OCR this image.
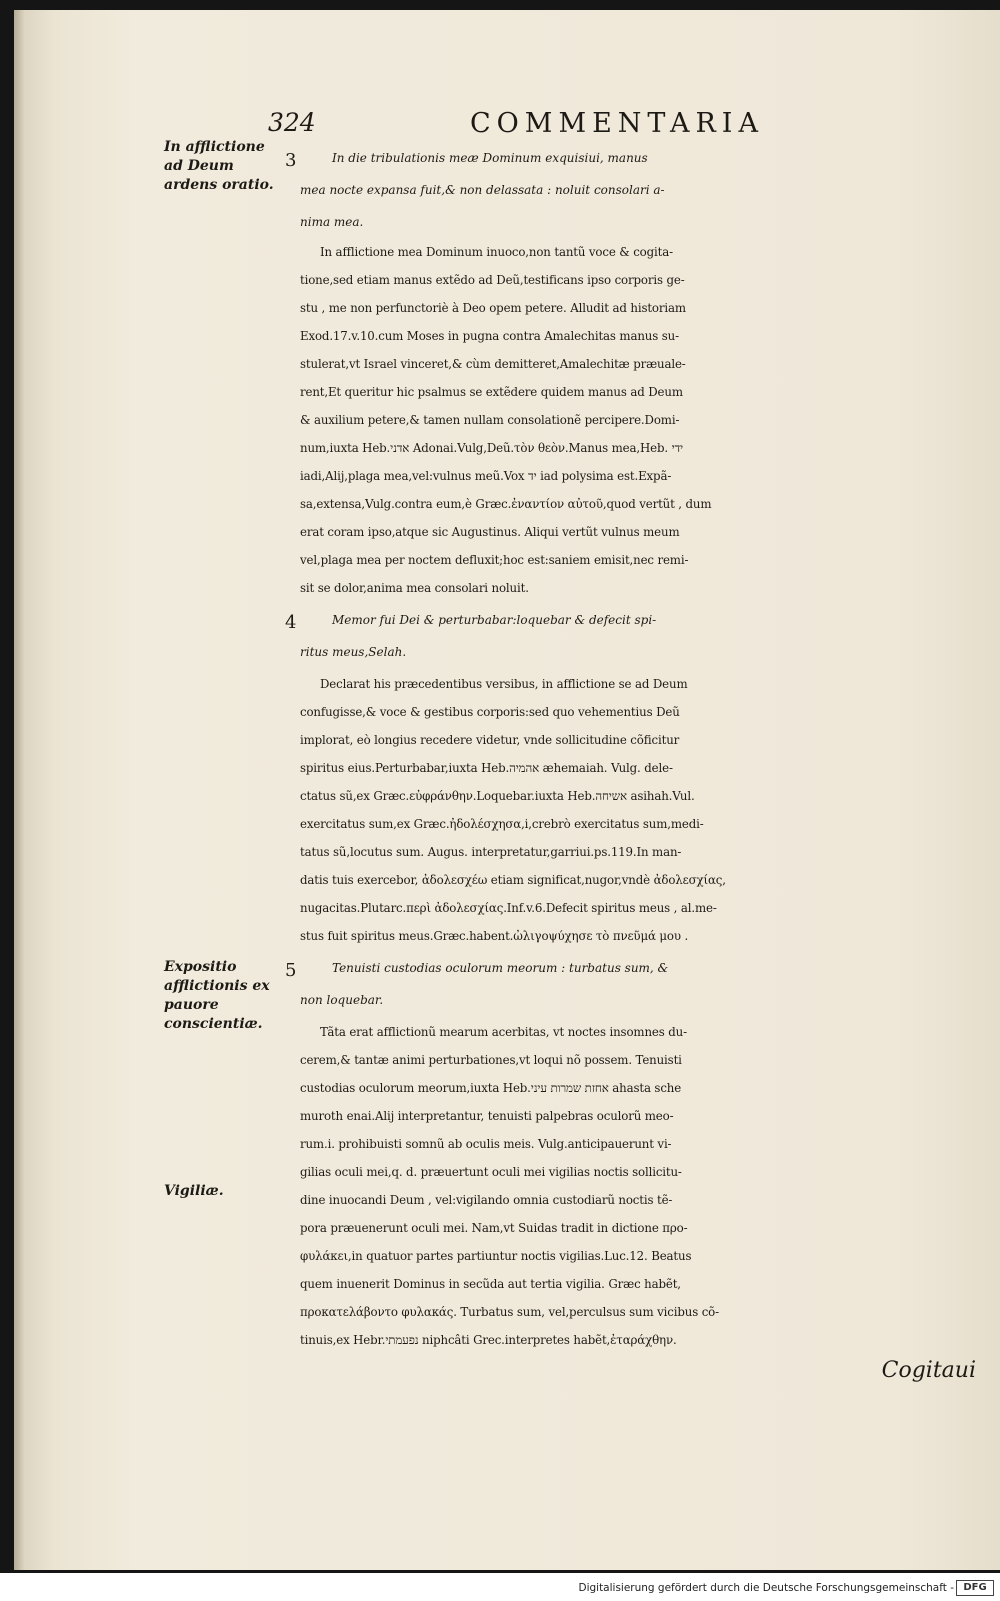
324	COMMENTARIA
In afflictione ad Deum ardens oratio.
Expositio afflictionis ex pauore conscientiæ.
Vigiliæ.
3	In die tribulationis meæ Dominum exquisiui, manus
mea nocte expansa fuit,& non delassata : noluit consolari a-
nima mea.
In afflictione mea Dominum inuoco,non tantũ voce & cogita-
tione,sed etiam manus extẽdo ad Deũ,testificans ipso corporis ge-
stu , me non perfunctoriè à Deo opem petere. Alludit ad historiam
Exod.17.v.10.cum Moses in pugna contra Amalechitas manus su-
stulerat,vt Israel vinceret,& cùm demitteret,Amalechitæ præuale-
rent,Et queritur hic psalmus se extẽdere quidem manus ad Deum
& auxilium petere,& tamen nullam consolationẽ percipere.Domi-
num,iuxta Heb.אדני Adonai.Vulg,Deũ.τὸν θεὸν.Manus mea,Heb. ידי
iadi,Alij,plaga mea,vel:vulnus meũ.Vox יד iad polysima est.Expã-
sa,extensa,Vulg.contra eum,è Græc.ἐναντίον αὐτοῦ,quod vertũt , dum
erat coram ipso,atque sic Augustinus. Aliqui vertũt vulnus meum
vel,plaga mea per noctem defluxit;hoc est:saniem emisit,nec remi-
sit se dolor,anima mea consolari noluit.
4	Memor fui Dei & perturbabar:loquebar & defecit spi-
ritus meus,Selah.
Declarat his præcedentibus versibus, in afflictione se ad Deum
confugisse,& voce & gestibus corporis:sed quo vehementius Deũ
implorat, eò longius recedere videtur, vnde sollicitudine cõficitur
spiritus eius.Perturbabar,iuxta Heb.אהמיה æhemaiah. Vulg. dele-
ctatus sũ,ex Græc.εὐφράνθην.Loquebar.iuxta Heb.אשיחה asihah.Vul.
exercitatus sum,ex Græc.ἠδολέσχησα,i,crebrò exercitatus sum,medi-
tatus sũ,locutus sum. Augus. interpretatur,garriui.ps.119.In man-
datis tuis exercebor, ἀδολεσχέω etiam significat,nugor,vndè ἀδολεσχίας,
nugacitas.Plutarc.περὶ ἀδολεσχίας.Inf.v.6.Defecit spiritus meus , al.me-
stus fuit spiritus meus.Græc.habent.ὠλιγοψύχησε τὸ πνεῦμά μου .
5	Tenuisti custodias oculorum meorum : turbatus sum, &
non loquebar.
Tãta erat afflictionũ mearum acerbitas, vt noctes insomnes du-
cerem,& tantæ animi perturbationes,vt loqui nõ possem. Tenuisti
custodias oculorum meorum,iuxta Heb.אחזת שמרות עיני ahasta sche
muroth enai.Alij interpretantur, tenuisti palpebras oculorũ meo-
rum.i. prohibuisti somnũ ab oculis meis. Vulg.anticipauerunt vi-
gilias oculi mei,q. d. præuertunt oculi mei vigilias noctis sollicitu-
dine inuocandi Deum , vel:vigilando omnia custodiarũ noctis tẽ-
pora præuenerunt oculi mei. Nam,vt Suidas tradit in dictione προ-
φυλάκει,in quatuor partes partiuntur noctis vigilias.Luc.12. Beatus
quem inuenerit Dominus in secũda aut tertia vigilia. Græc habẽt,
προκατελάβοντο φυλακάς. Turbatus sum, vel,perculsus sum vicibus cõ-
tinuis,ex Hebr.נפעמתי niphcâti Grec.interpretes habẽt,ἐταράχθην.
Cogitaui
Digitalisierung gefördert durch die Deutsche Forschungsgemeinschaft - DFG
